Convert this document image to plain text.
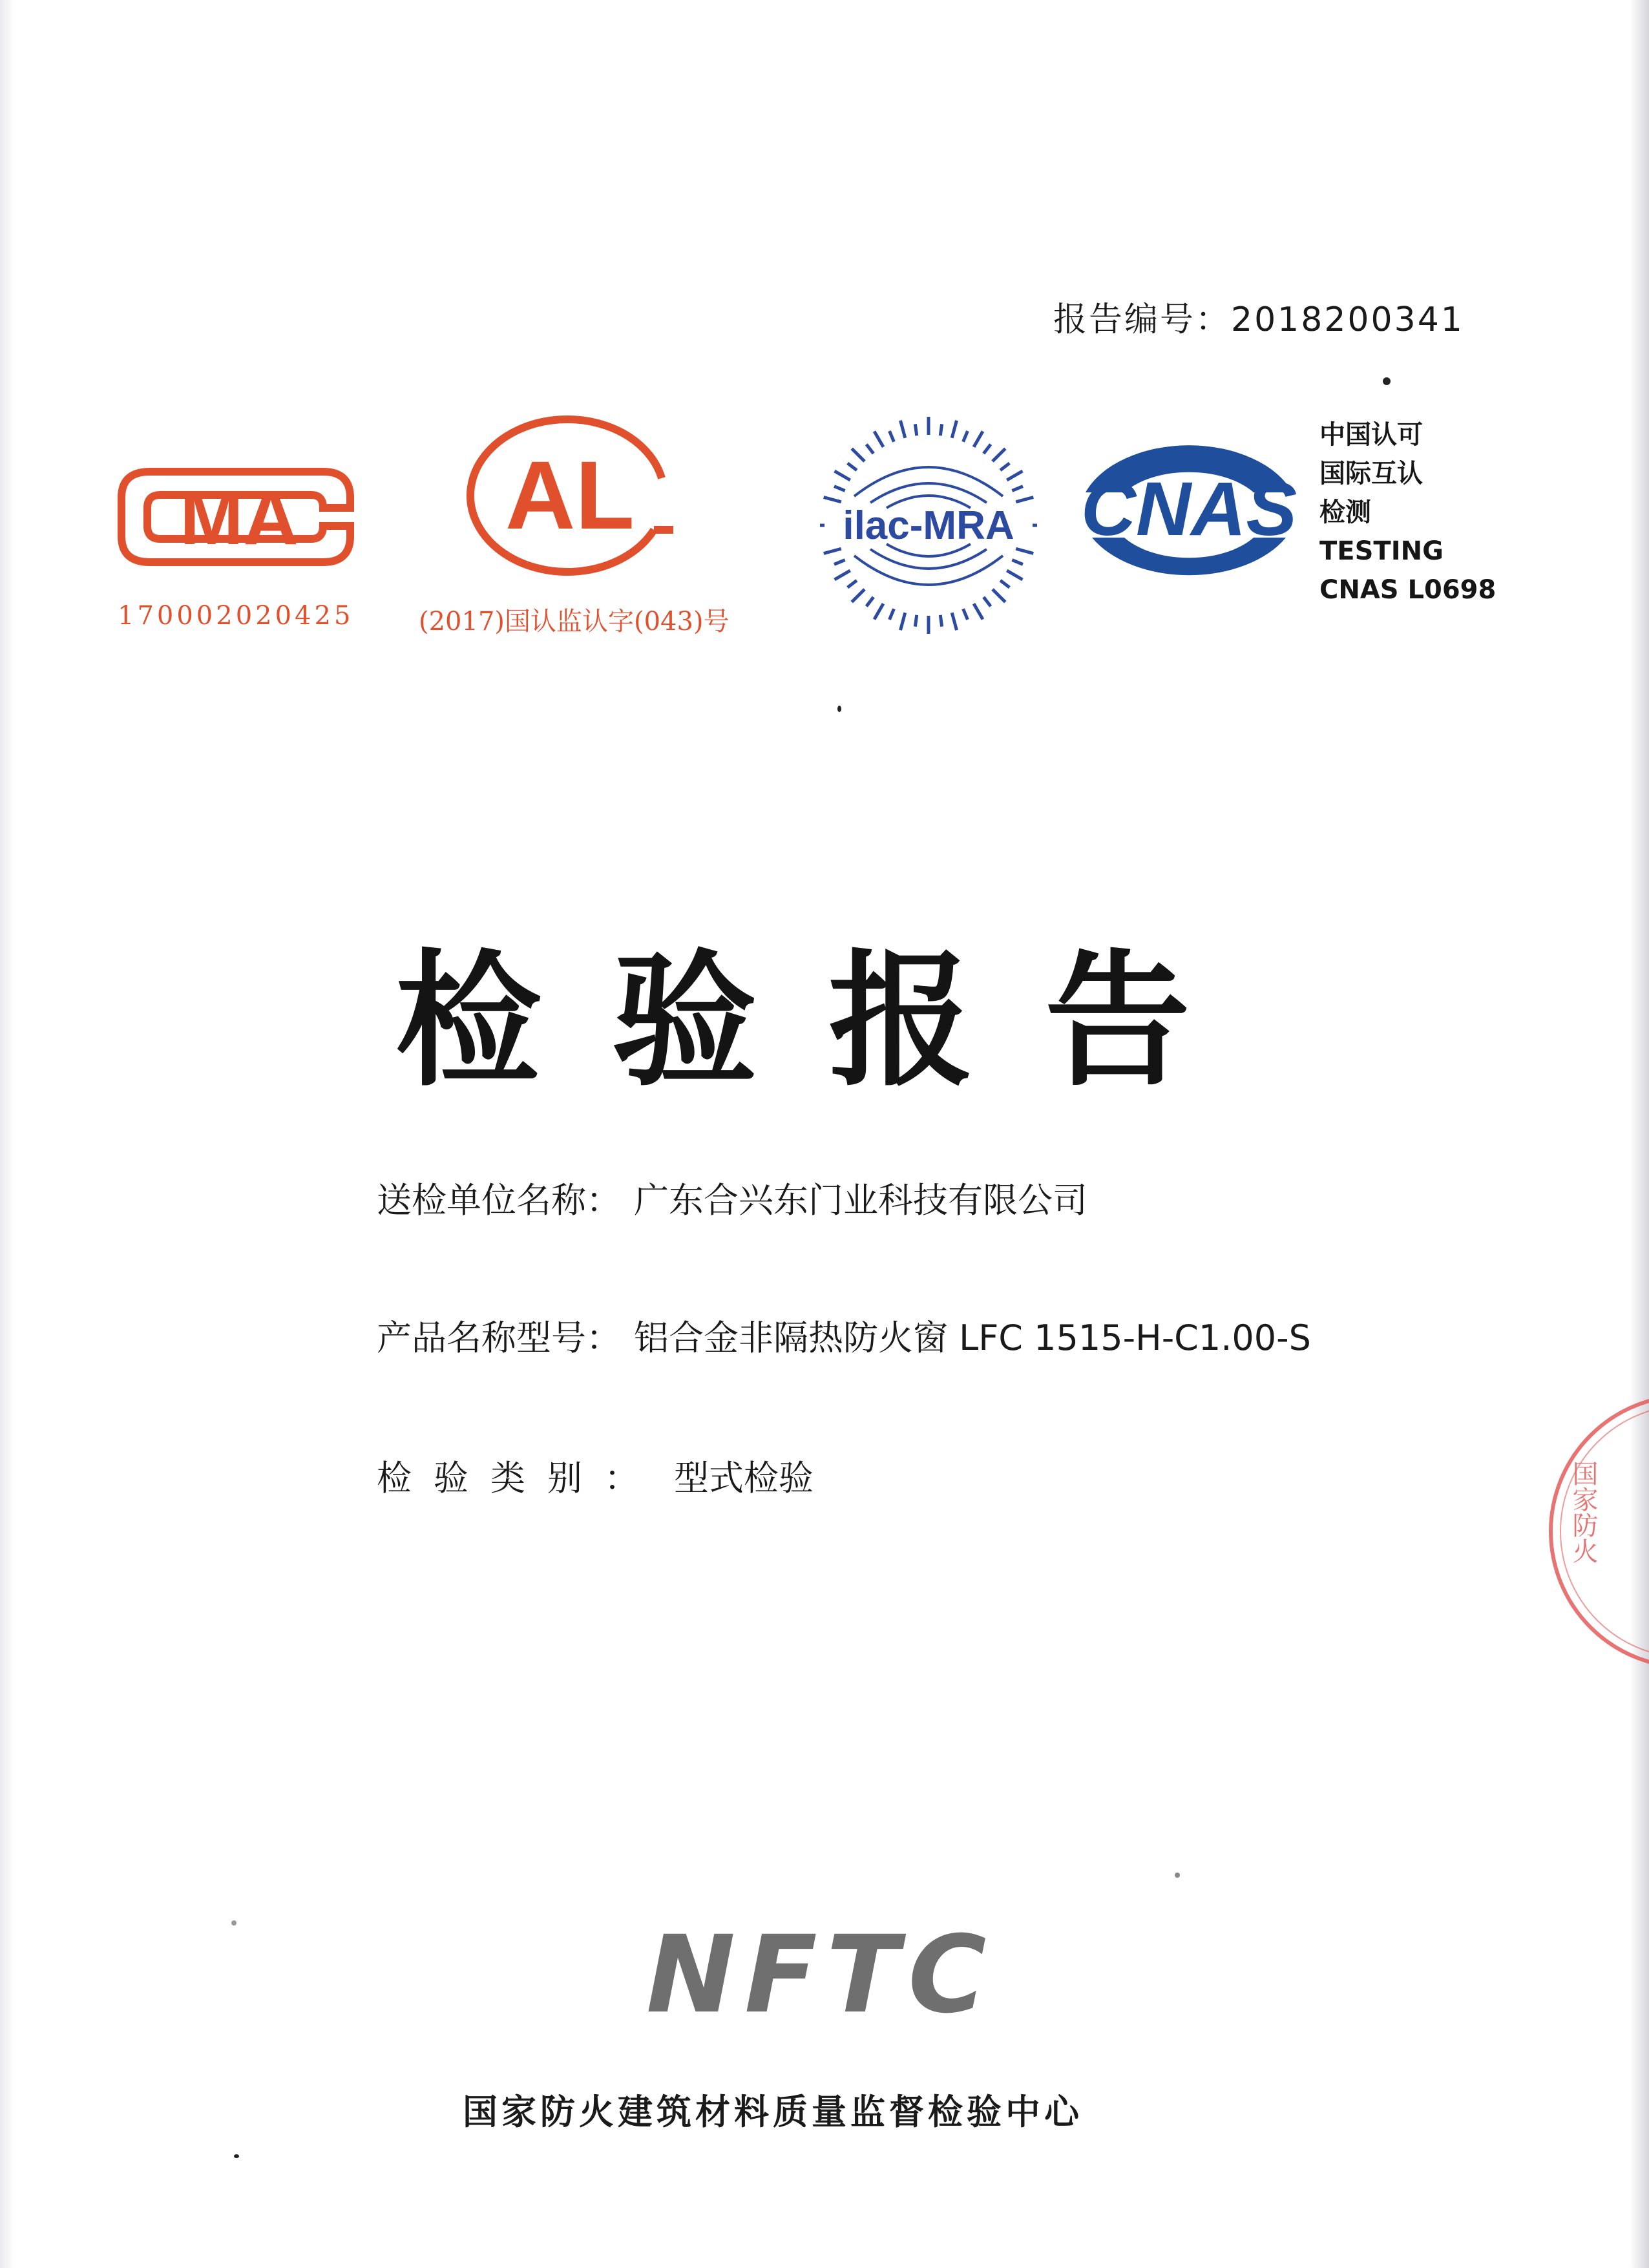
报告编号：2018200341
MA
170002020425
AL
(2017)国认监认字(043)号
ilac-MRA CNAS
中国认可
国际互认
检测
TESTING
CNAS L0698
检验报告
送检单位名称： 广东合兴东门业科技有限公司
产品名称型号： 铝合金非隔热防火窗 LFC 1515-H-C1.00-S
检验类别： 型式检验	国家防火
NFTC
国家防火建筑材料质量监督检验中心
